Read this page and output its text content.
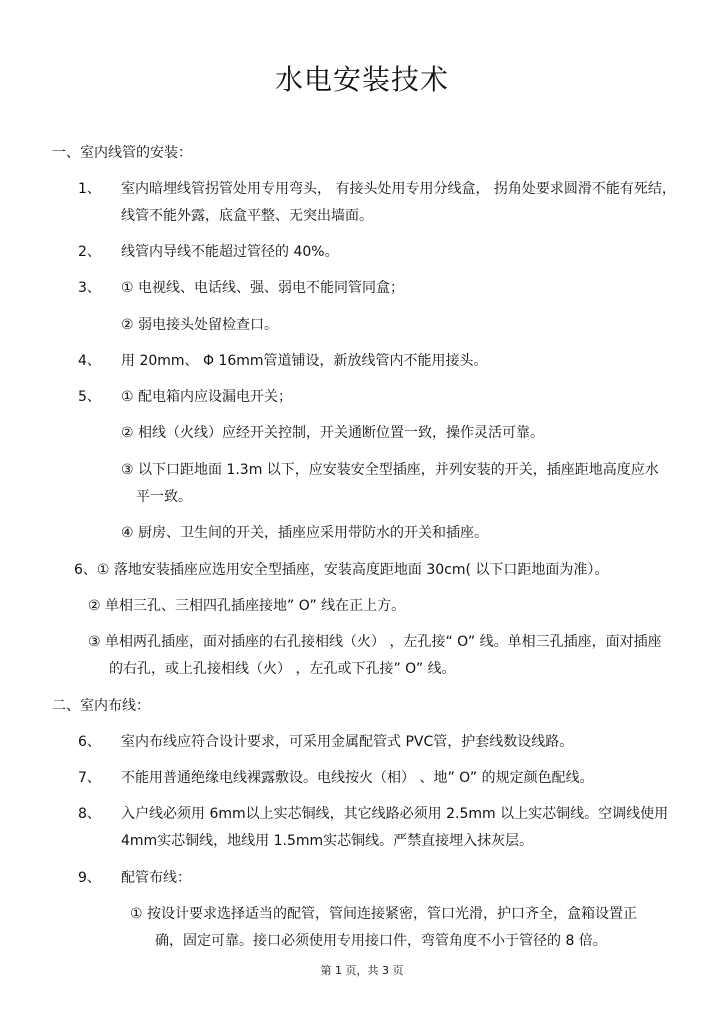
水电安装技术
一、室内线管的安装：
1、 室内暗埋线管拐管处用专用弯头， 有接头处用专用分线盒， 拐角处要求圆滑不能有死结，
线管不能外露，底盒平整、无突出墙面。
2、 线管内导线不能超过管径的 40%。
3、 ① 电视线、电话线、强、弱电不能同管同盒；
② 弱电接头处留检查口。
4、 用 20mm、 Φ 16mm管道铺设，新放线管内不能用接头。
5、 ① 配电箱内应设漏电开关；
② 相线（火线）应经开关控制，开关通断位置一致，操作灵活可靠。
③ 以下口距地面 1.3m 以下，应安装安全型插座，并列安装的开关，插座距地高度应水
平一致。
④ 厨房、卫生间的开关，插座应采用带防水的开关和插座。
6、① 落地安装插座应选用安全型插座，安装高度距地面 30cm( 以下口距地面为准）。
② 单相三孔、三相四孔插座接地” O” 线在正上方。
③ 单相两孔插座，面对插座的右孔接相线（火） ，左孔接“ O” 线。单相三孔插座，面对插座
的右孔，或上孔接相线（火） ，左孔或下孔接” O” 线。
二、室内布线：
6、 室内布线应符合设计要求，可采用金属配管式 PVC管，护套线数设线路。
7、 不能用普通绝缘电线裸露敷设。电线按火（相） 、地” O” 的规定颜色配线。
8、 入户线必须用 6mm以上实芯铜线，其它线路必须用 2.5mm 以上实芯铜线。空调线使用
4mm实芯铜线，地线用 1.5mm实芯铜线。严禁直接埋入抹灰层。
9、 配管布线：
① 按设计要求选择适当的配管，管间连接紧密，管口光滑，护口齐全，盒箱设置正
确，固定可靠。接口必须使用专用接口件，弯管角度不小于管径的 8 倍。
第 1 页，共 3 页
